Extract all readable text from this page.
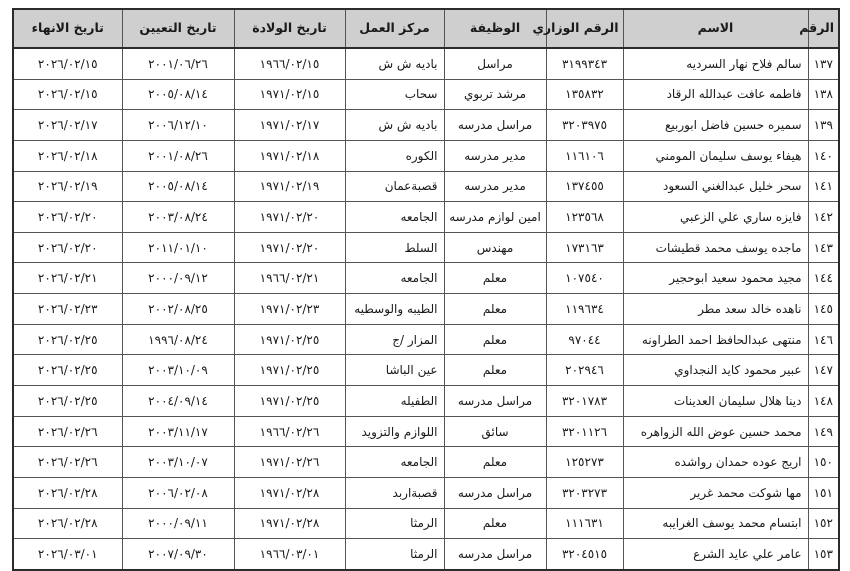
الرقم	الاسم	الرقم الوزاري	الوظيفة	مركز العمل	تاريخ الولادة	تاريخ التعيين	تاريخ الانهاء
١٣٧	سالم فلاح نهار السرديه	٣١٩٩٣٤٣	مراسل	باديه ش ش	١٩٦٦/٠٢/١٥	٢٠٠١/٠٦/٢٦	٢٠٢٦/٠٢/١٥
١٣٨	فاطمه عافت عبدالله الرقاد	١٣٥٨٣٢	مرشد تربوي	سحاب	١٩٧١/٠٢/١٥	٢٠٠٥/٠٨/١٤	٢٠٢٦/٠٢/١٥
١٣٩	سميره حسين فاضل ابوربيع	٣٢٠٣٩٧٥	مراسل مدرسه	باديه ش ش	١٩٧١/٠٢/١٧	٢٠٠٦/١٢/١٠	٢٠٢٦/٠٢/١٧
١٤٠	هيفاء يوسف سليمان المومني	١١٦١٠٦	مدير مدرسه	الكوره	١٩٧١/٠٢/١٨	٢٠٠١/٠٨/٢٦	٢٠٢٦/٠٢/١٨
١٤١	سحر خليل عبدالغني السعود	١٣٧٤٥٥	مدير مدرسه	قصبةعمان	١٩٧١/٠٢/١٩	٢٠٠٥/٠٨/١٤	٢٠٢٦/٠٢/١٩
١٤٢	فايزه ساري علي الزعبي	١٢٣٥٦٨	امين لوازم مدرسه	الجامعه	١٩٧١/٠٢/٢٠	٢٠٠٣/٠٨/٢٤	٢٠٢٦/٠٢/٢٠
١٤٣	ماجده يوسف محمد قطيشات	١٧٣١٦٣	مهندس	السلط	١٩٧١/٠٢/٢٠	٢٠١١/٠١/١٠	٢٠٢٦/٠٢/٢٠
١٤٤	مجيد محمود سعيد ابوحجير	١٠٧٥٤٠	معلم	الجامعه	١٩٦٦/٠٢/٢١	٢٠٠٠/٠٩/١٢	٢٠٢٦/٠٢/٢١
١٤٥	ناهده خالد سعد مطر	١١٩٦٣٤	معلم	الطيبه والوسطيه	١٩٧١/٠٢/٢٣	٢٠٠٢/٠٨/٢٥	٢٠٢٦/٠٢/٢٣
١٤٦	منتهى عبدالحافظ احمد الطراونه	٩٧٠٤٤	معلم	المزار /ج	١٩٧١/٠٢/٢٥	١٩٩٦/٠٨/٢٤	٢٠٢٦/٠٢/٢٥
١٤٧	عبير محمود كايد النجداوي	٢٠٢٩٤٦	معلم	عين الباشا	١٩٧١/٠٢/٢٥	٢٠٠٣/١٠/٠٩	٢٠٢٦/٠٢/٢٥
١٤٨	دينا هلال سليمان العدينات	٣٢٠١٧٨٣	مراسل مدرسه	الطفيله	١٩٧١/٠٢/٢٥	٢٠٠٤/٠٩/١٤	٢٠٢٦/٠٢/٢٥
١٤٩	محمد حسين عوض الله الزواهره	٣٢٠١١٢٦	سائق	اللوازم والتزويد	١٩٦٦/٠٢/٢٦	٢٠٠٣/١١/١٧	٢٠٢٦/٠٢/٢٦
١٥٠	اريج عوده حمدان رواشده	١٢٥٢٧٣	معلم	الجامعه	١٩٧١/٠٢/٢٦	٢٠٠٣/١٠/٠٧	٢٠٢٦/٠٢/٢٦
١٥١	مها شوكت محمد غرير	٣٢٠٣٢٧٣	مراسل مدرسه	قصبةاربد	١٩٧١/٠٢/٢٨	٢٠٠٦/٠٢/٠٨	٢٠٢٦/٠٢/٢٨
١٥٢	ابتسام محمد يوسف الغرايبه	١١١٦٣١	معلم	الرمثا	١٩٧١/٠٢/٢٨	٢٠٠٠/٠٩/١١	٢٠٢٦/٠٢/٢٨
١٥٣	عامر علي عايد الشرع	٣٢٠٤٥١٥	مراسل مدرسه	الرمثا	١٩٦٦/٠٣/٠١	٢٠٠٧/٠٩/٣٠	٢٠٢٦/٠٣/٠١
